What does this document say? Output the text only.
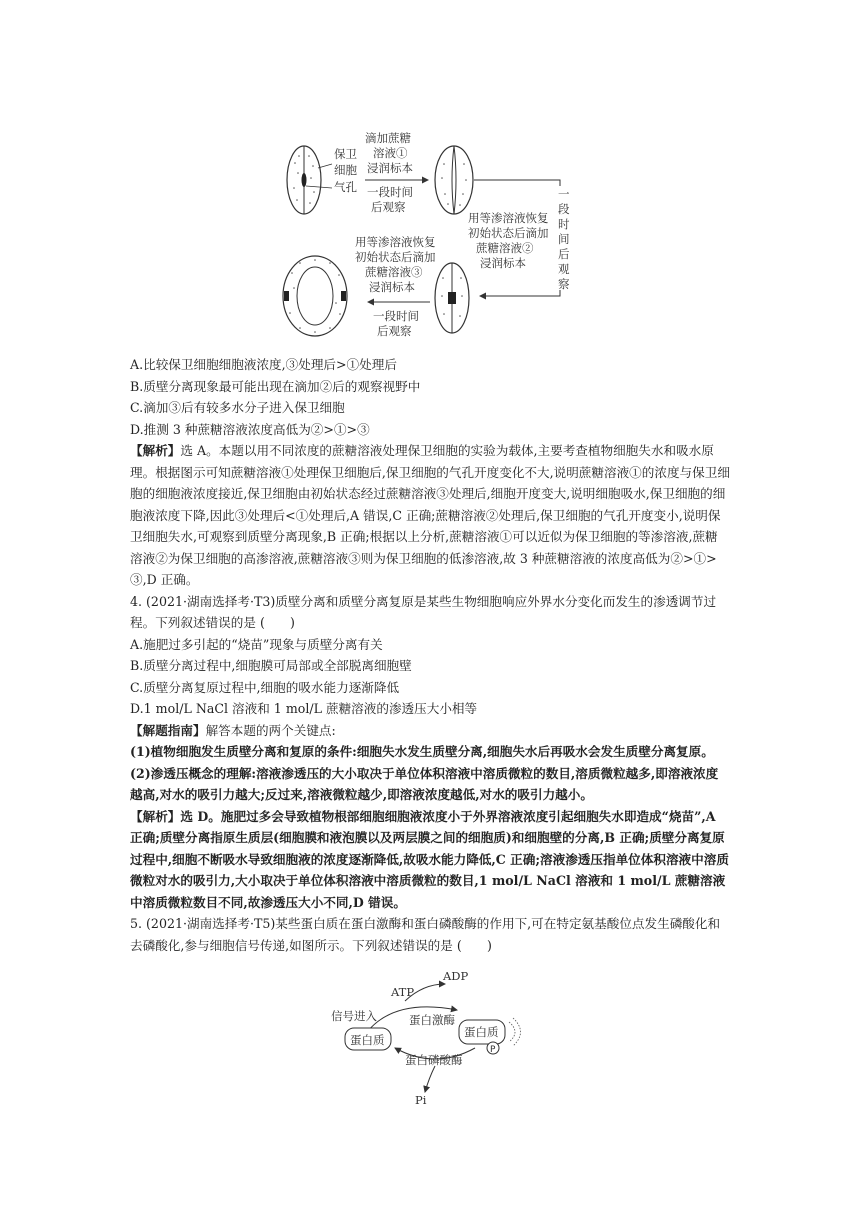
保卫
细胞
气孔
滴加蔗糖
溶液①
浸润标本
一段时间
后观察
一
段
时
间
后
观
察
用等渗溶液恢复
初始状态后滴加
蔗糖溶液②
浸润标本
用等渗溶液恢复
初始状态后滴加
蔗糖溶液③
浸润标本
一段时间
后观察

A.比较保卫细胞细胞液浓度,③处理后>①处理后

B.质壁分离现象最可能出现在滴加②后的观察视野中

C.滴加③后有较多水分子进入保卫细胞

D.推测 3 种蔗糖溶液浓度高低为②>①>③

【解析】选 A。本题以用不同浓度的蔗糖溶液处理保卫细胞的实验为载体,主要考查植物细胞失水和吸水原理。根据图示可知蔗糖溶液①处理保卫细胞后,保卫细胞的气孔开度变化不大,说明蔗糖溶液①的浓度与保卫细胞的细胞液浓度接近,保卫细胞由初始状态经过蔗糖溶液③处理后,细胞开度变大,说明细胞吸水,保卫细胞的细胞液浓度下降,因此③处理后<①处理后,A 错误,C 正确;蔗糖溶液②处理后,保卫细胞的气孔开度变小,说明保卫细胞失水,可观察到质壁分离现象,B 正确;根据以上分析,蔗糖溶液①可以近似为保卫细胞的等渗溶液,蔗糖溶液②为保卫细胞的高渗溶液,蔗糖溶液③则为保卫细胞的低渗溶液,故 3 种蔗糖溶液的浓度高低为②>①>③,D 正确。

4. (2021·湖南选择考·T3)质壁分离和质壁分离复原是某些生物细胞响应外界水分变化而发生的渗透调节过程。下列叙述错误的是 (　　)

A.施肥过多引起的“烧苗”现象与质壁分离有关

B.质壁分离过程中,细胞膜可局部或全部脱离细胞壁

C.质壁分离复原过程中,细胞的吸水能力逐渐降低

D.1 mol/L NaCl 溶液和 1 mol/L 蔗糖溶液的渗透压大小相等

【解题指南】解答本题的两个关键点:

(1)植物细胞发生质壁分离和复原的条件:细胞失水发生质壁分离,细胞失水后再吸水会发生质壁分离复原。

(2)渗透压概念的理解:溶液渗透压的大小取决于单位体积溶液中溶质微粒的数目,溶质微粒越多,即溶液浓度越高,对水的吸引力越大;反过来,溶液微粒越少,即溶液浓度越低,对水的吸引力越小。

【解析】选 D。施肥过多会导致植物根部细胞细胞液浓度小于外界溶液浓度引起细胞失水即造成“烧苗”,A 正确;质壁分离指原生质层(细胞膜和液泡膜以及两层膜之间的细胞质)和细胞壁的分离,B 正确;质壁分离复原过程中,细胞不断吸水导致细胞液的浓度逐渐降低,故吸水能力降低,C 正确;溶液渗透压指单位体积溶液中溶质微粒对水的吸引力,大小取决于单位体积溶液中溶质微粒的数目,1 mol/L NaCl 溶液和 1 mol/L 蔗糖溶液中溶质微粒数目不同,故渗透压大小不同,D 错误。

5. (2021·湖南选择考·T5)某些蛋白质在蛋白激酶和蛋白磷酸酶的作用下,可在特定氨基酸位点发生磷酸化和去磷酸化,参与细胞信号传递,如图所示。下列叙述错误的是 (　　)

ADP
ATP
信号进入	蛋白激酶
蛋白质
蛋白质
P
蛋白磷酸酶
Pi
